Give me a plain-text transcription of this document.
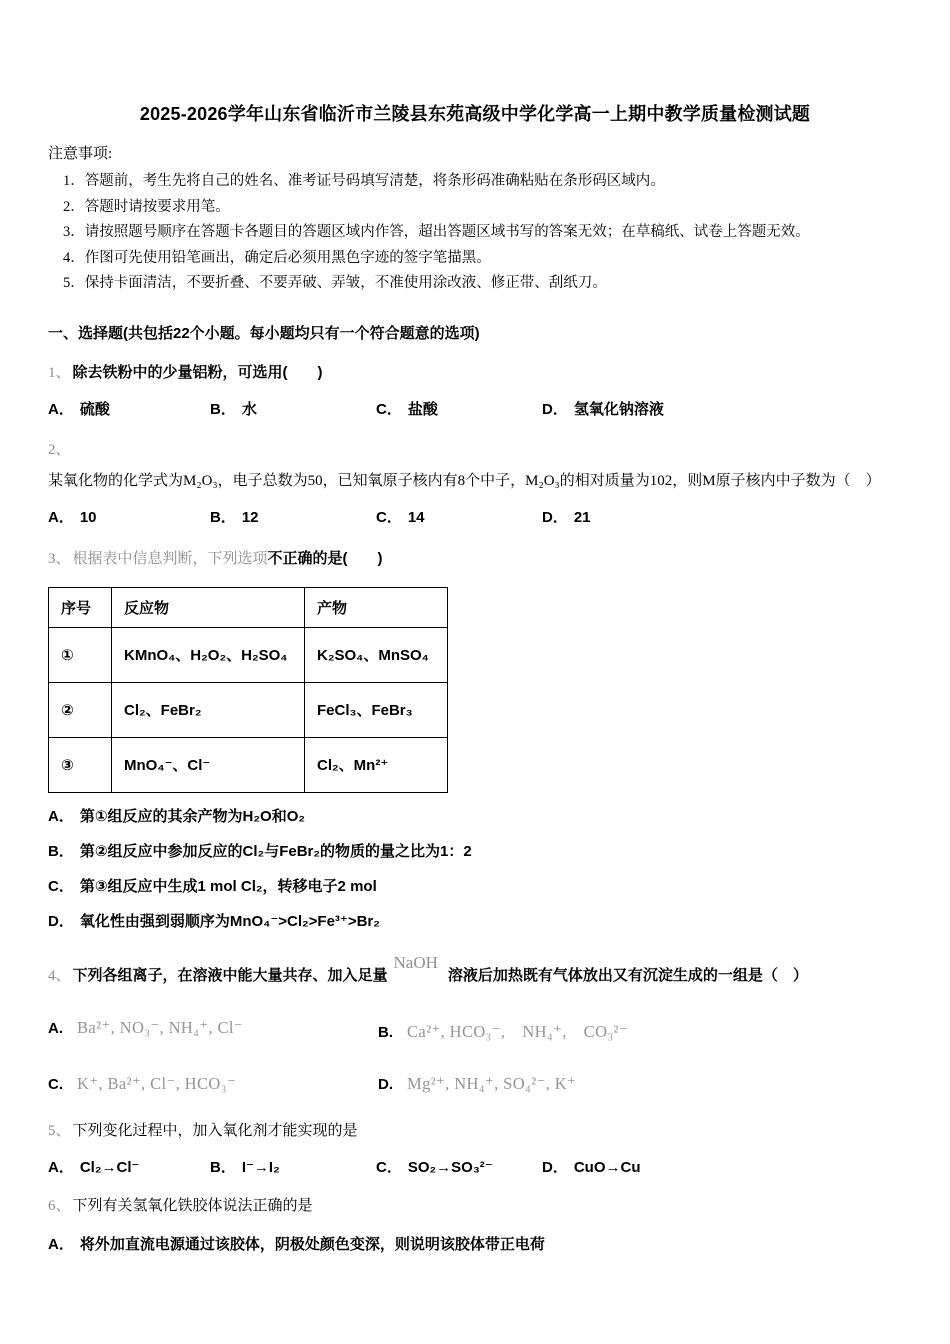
2025-2026学年山东省临沂市兰陵县东苑高级中学化学高一上期中教学质量检测试题
注意事项:
1．答题前，考生先将自己的姓名、准考证号码填写清楚，将条形码准确粘贴在条形码区域内。
2．答题时请按要求用笔。
3．请按照题号顺序在答题卡各题目的答题区域内作答，超出答题区域书写的答案无效；在草稿纸、试卷上答题无效。
4．作图可先使用铅笔画出，确定后必须用黑色字迹的签字笔描黑。
5．保持卡面清洁，不要折叠、不要弄破、弄皱，不准使用涂改液、修正带、刮纸刀。
一、选择题(共包括22个小题。每小题均只有一个符合题意的选项)
1、 除去铁粉中的少量铝粉，可选用(　　)
A． 硫酸	B． 水	C． 盐酸	D． 氢氧化钠溶液
2、某氧化物的化学式为M₂O₃，电子总数为50，已知氧原子核内有8个中子，M₂O₃的相对质量为102，则M原子核内中子数为（　）
A． 10	B． 12	C． 14	D． 21
3、 根据表中信息判断，下列选项不正确的是(　　)
序号	反应物	产物
①	KMnO₄、H₂O₂、H₂SO₄	K₂SO₄、MnSO₄
②	Cl₂、FeBr₂	FeCl₃、FeBr₃
③	MnO₄⁻、Cl⁻	Cl₂、Mn²⁺
A． 第①组反应的其余产物为H₂O和O₂
B． 第②组反应中参加反应的Cl₂与FeBr₂的物质的量之比为1：2
C． 第③组反应中生成1 mol Cl₂，转移电子2 mol
D． 氧化性由强到弱顺序为MnO₄⁻>Cl₂>Fe³⁺>Br₂
4、 下列各组离子，在溶液中能大量共存、加入足量NaOH溶液后加热既有气体放出又有沉淀生成的一组是（　）
A. Ba²⁺, NO₃⁻, NH₄⁺, Cl⁻	B. Ca²⁺, HCO₃⁻,　NH₄⁺,　CO₃²⁻
C. K⁺, Ba²⁺, Cl⁻, HCO₃⁻	D. Mg²⁺, NH₄⁺, SO₄²⁻, K⁺
5、 下列变化过程中，加入氧化剂才能实现的是
A． Cl₂→Cl⁻	B． I⁻→I₂	C． SO₂→SO₃²⁻	D． CuO→Cu
6、 下列有关氢氧化铁胶体说法正确的是
A． 将外加直流电源通过该胶体，阴极处颜色变深，则说明该胶体带正电荷
